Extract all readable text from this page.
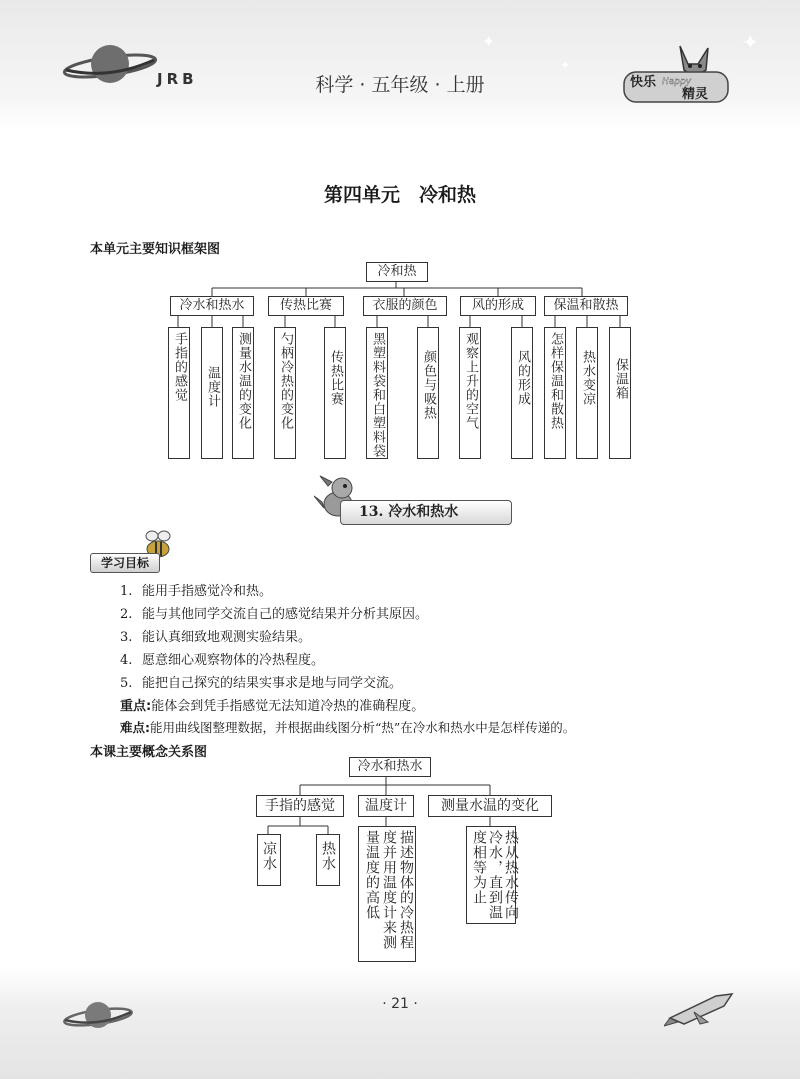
JRB	科学 · 五年级 · 上册
✦
✦
✦
快乐 Happy
精灵
第四单元　冷和热
本单元主要知识框架图
冷和热
冷水和热水	传热比赛	衣服的颜色	风的形成	保温和散热
手指的感觉 温度计 测量水温的变化 勺柄冷热的变化	传热比赛 黑塑料袋和白塑料袋	颜色与吸热 观察上升的空气	风的形成 怎样保温和散热 热水变凉 保温箱
13. 冷水和热水
学习目标
1. 能用手指感觉冷和热。
2. 能与其他同学交流自己的感觉结果并分析其原因。
3. 能认真细致地观测实验结果。
4. 愿意细心观察物体的冷热程度。
5. 能把自己探究的结果实事求是地与同学交流。
重点:能体会到凭手指感觉无法知道冷热的准确程度。
难点:能用曲线图整理数据，并根据曲线图分析“热”在冷水和热水中是怎样传递的。
本课主要概念关系图
冷水和热水
手指的感觉	温度计	测量水温的变化
凉水	热水	描述物体的冷热程度并用温度计来测量温度的高低	热从热水传向冷水，直到温度相等为止
· 21 ·
